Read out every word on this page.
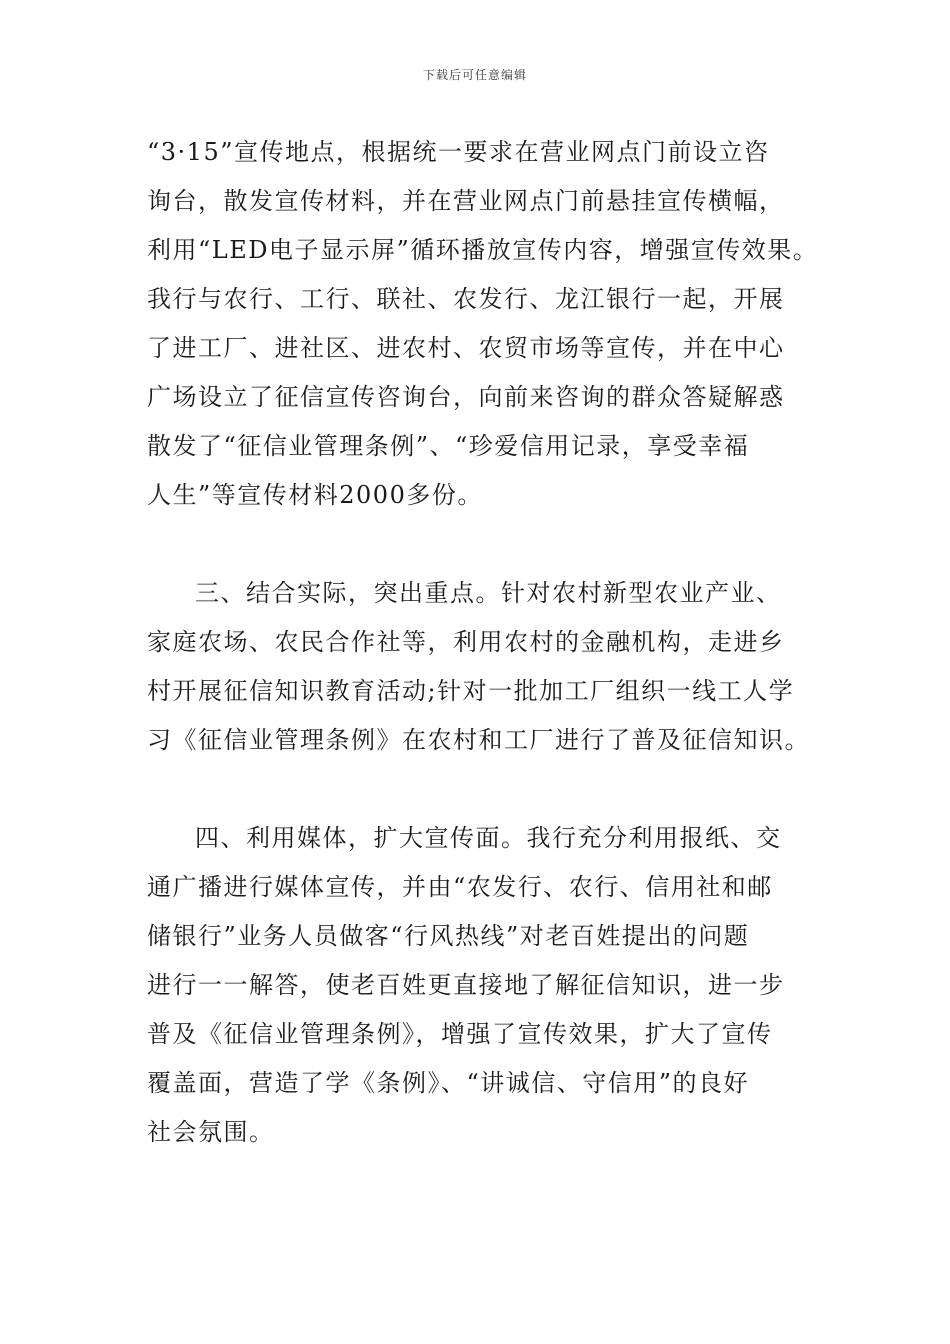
下载后可任意编辑
“3·15”宣传地点，根据统一要求在营业网点门前设立咨
询台，散发宣传材料，并在营业网点门前悬挂宣传横幅，
利用“LED电子显示屏”循环播放宣传内容，增强宣传效果。
我行与农行、工行、联社、农发行、龙江银行一起，开展
了进工厂、进社区、进农村、农贸市场等宣传，并在中心
广场设立了征信宣传咨询台，向前来咨询的群众答疑解惑
散发了“征信业管理条例”、“珍爱信用记录，享受幸福
人生”等宣传材料2000多份。
三、结合实际，突出重点。针对农村新型农业产业、
家庭农场、农民合作社等，利用农村的金融机构，走进乡
村开展征信知识教育活动;针对一批加工厂组织一线工人学
习《征信业管理条例》在农村和工厂进行了普及征信知识。
四、利用媒体，扩大宣传面。我行充分利用报纸、交
通广播进行媒体宣传，并由“农发行、农行、信用社和邮
储银行”业务人员做客“行风热线”对老百姓提出的问题
进行一一解答，使老百姓更直接地了解征信知识，进一步
普及《征信业管理条例》，增强了宣传效果，扩大了宣传
覆盖面，营造了学《条例》、“讲诚信、守信用”的良好
社会氛围。
